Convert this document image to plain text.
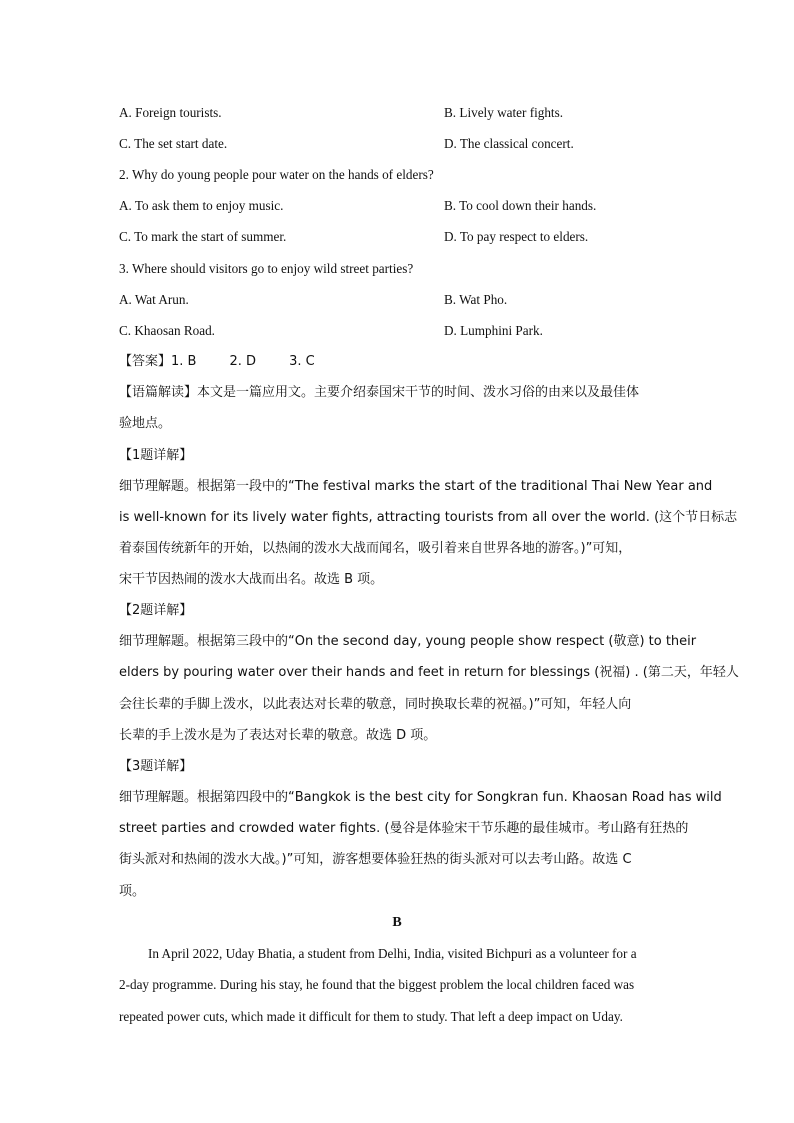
A. Foreign tourists.	B. Lively water fights.
C. The set start date.	D. The classical concert.
2. Why do young people pour water on the hands of elders?
A. To ask them to enjoy music.	B. To cool down their hands.
C. To mark the start of summer.	D. To pay respect to elders.
3. Where should visitors go to enjoy wild street parties?
A. Wat Arun.	B. Wat Pho.
C. Khaosan Road.	D. Lumphini Park.
【答案】1. B        2. D        3. C
【语篇解读】本文是一篇应用文。主要介绍泰国宋干节的时间、泼水习俗的由来以及最佳体
验地点。
【1题详解】
细节理解题。根据第一段中的“The festival marks the start of the traditional Thai New Year and
is well-known for its lively water fights, attracting tourists from all over the world. (这个节日标志
着泰国传统新年的开始，以热闹的泼水大战而闻名，吸引着来自世界各地的游客。)”可知，
宋干节因热闹的泼水大战而出名。故选 B 项。
【2题详解】
细节理解题。根据第三段中的“On the second day, young people show respect (敬意) to their
elders by pouring water over their hands and feet in return for blessings (祝福) . (第二天，年轻人
会往长辈的手脚上泼水，以此表达对长辈的敬意，同时换取长辈的祝福。)”可知，年轻人向
长辈的手上泼水是为了表达对长辈的敬意。故选 D 项。
【3题详解】
细节理解题。根据第四段中的“Bangkok is the best city for Songkran fun. Khaosan Road has wild
street parties and crowded water fights. (曼谷是体验宋干节乐趣的最佳城市。考山路有狂热的
街头派对和热闹的泼水大战。)”可知，游客想要体验狂热的街头派对可以去考山路。故选 C
项。
B
In April 2022, Uday Bhatia, a student from Delhi, India, visited Bichpuri as a volunteer for a
2-day programme. During his stay, he found that the biggest problem the local children faced was
repeated power cuts, which made it difficult for them to study. That left a deep impact on Uday.
